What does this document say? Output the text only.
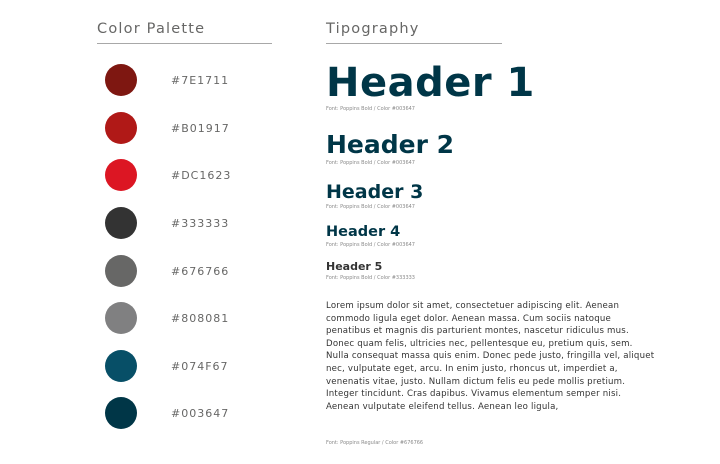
Color Palette
#7E1711
#B01917
#DC1623
#333333
#676766
#808081
#074F67
#003647
Tipography
Header 1
Font: Poppins Bold / Color #003647
Header 2
Font: Poppins Bold / Color #003647
Header 3
Font: Poppins Bold / Color #003647
Header 4
Font: Poppins Bold / Color #003647
Header 5
Font: Poppins Bold / Color #333333

Lorem ipsum dolor sit amet, consectetuer adipiscing elit. Aenean commodo ligula eget dolor. Aenean massa. Cum sociis natoque penatibus et magnis dis parturient montes, nascetur ridiculus mus. Donec quam felis, ultricies nec, pellentesque eu, pretium quis, sem. Nulla consequat massa quis enim. Donec pede justo, fringilla vel, aliquet nec, vulputate eget, arcu. In enim justo, rhoncus ut, imperdiet a, venenatis vitae, justo. Nullam dictum felis eu pede mollis pretium. Integer tincidunt. Cras dapibus. Vivamus elementum semper nisi. Aenean vulputate eleifend tellus. Aenean leo ligula,

Font: Poppins Regular / Color #676766
